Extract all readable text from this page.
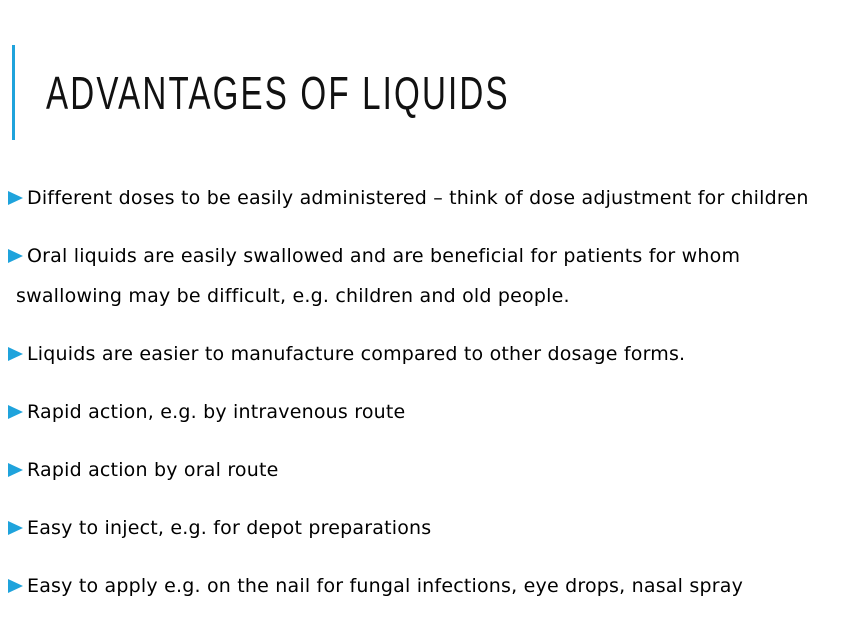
ADVANTAGES OF LIQUIDS
Different doses to be easily administered – think of dose adjustment for children
Oral liquids are easily swallowed and are beneficial for patients for whom
swallowing may be difficult, e.g. children and old people.
Liquids are easier to manufacture compared to other dosage forms.
Rapid action, e.g. by intravenous route
Rapid action by oral route
Easy to inject, e.g. for depot preparations
Easy to apply e.g. on the nail for fungal infections, eye drops, nasal spray
